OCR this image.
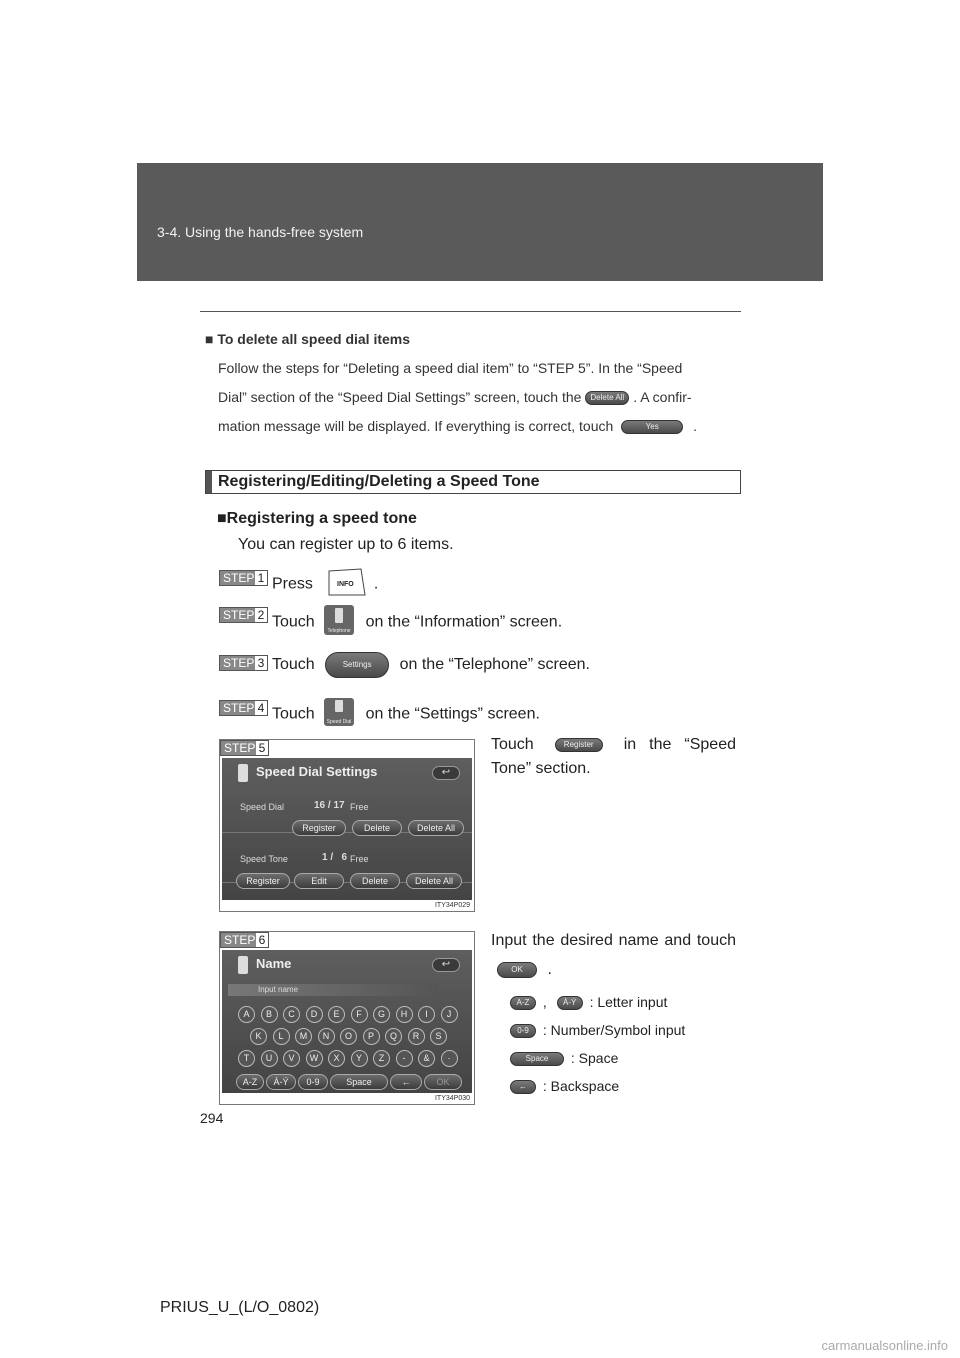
3-4. Using the hands-free system
■ To delete all speed dial items

Follow the steps for “Deleting a speed dial item” to “STEP 5”. In the “Speed

Dial” section of the “Speed Dial Settings” screen, touch the Delete All . A confir-

mation message will be displayed. If everything is correct, touch	Yes .

Registering/Editing/Deleting a Speed Tone
■Registering a speed tone
You can register up to 6 items.
STEP 1 Press	INFO .
STEP 2 Touch
Telephone
on the “Information” screen.
STEP 3 Touch	Settings on the “Telephone” screen.
STEP 4 Touch Speed Dial on the “Settings” screen.
STEP 5
Speed Dial Settings	↩
Speed Dial	16 / 17 Free
Register	Delete	Delete All
Speed Tone	1 /   6 Free
Register	Edit	Delete	Delete All
ITY34P029
Touch	Register in the “Speed Tone” section.
STEP 6
Name	↩
Input name
A	B	C	D	E	F	G	H	I	J
K	L	M	N	O	P	Q	R	S
T	U	V	W	X	Y	Z	-	&	·
A-Z	À-Ý	0-9	Space	←	OK
ITY34P030
Input the desired name and touch OK .
A-Z , À-Ý : Letter input
0-9 : Number/Symbol input
Space : Space
← : Backspace
294
PRIUS_U_(L/O_0802)
carmanualsonline.info
